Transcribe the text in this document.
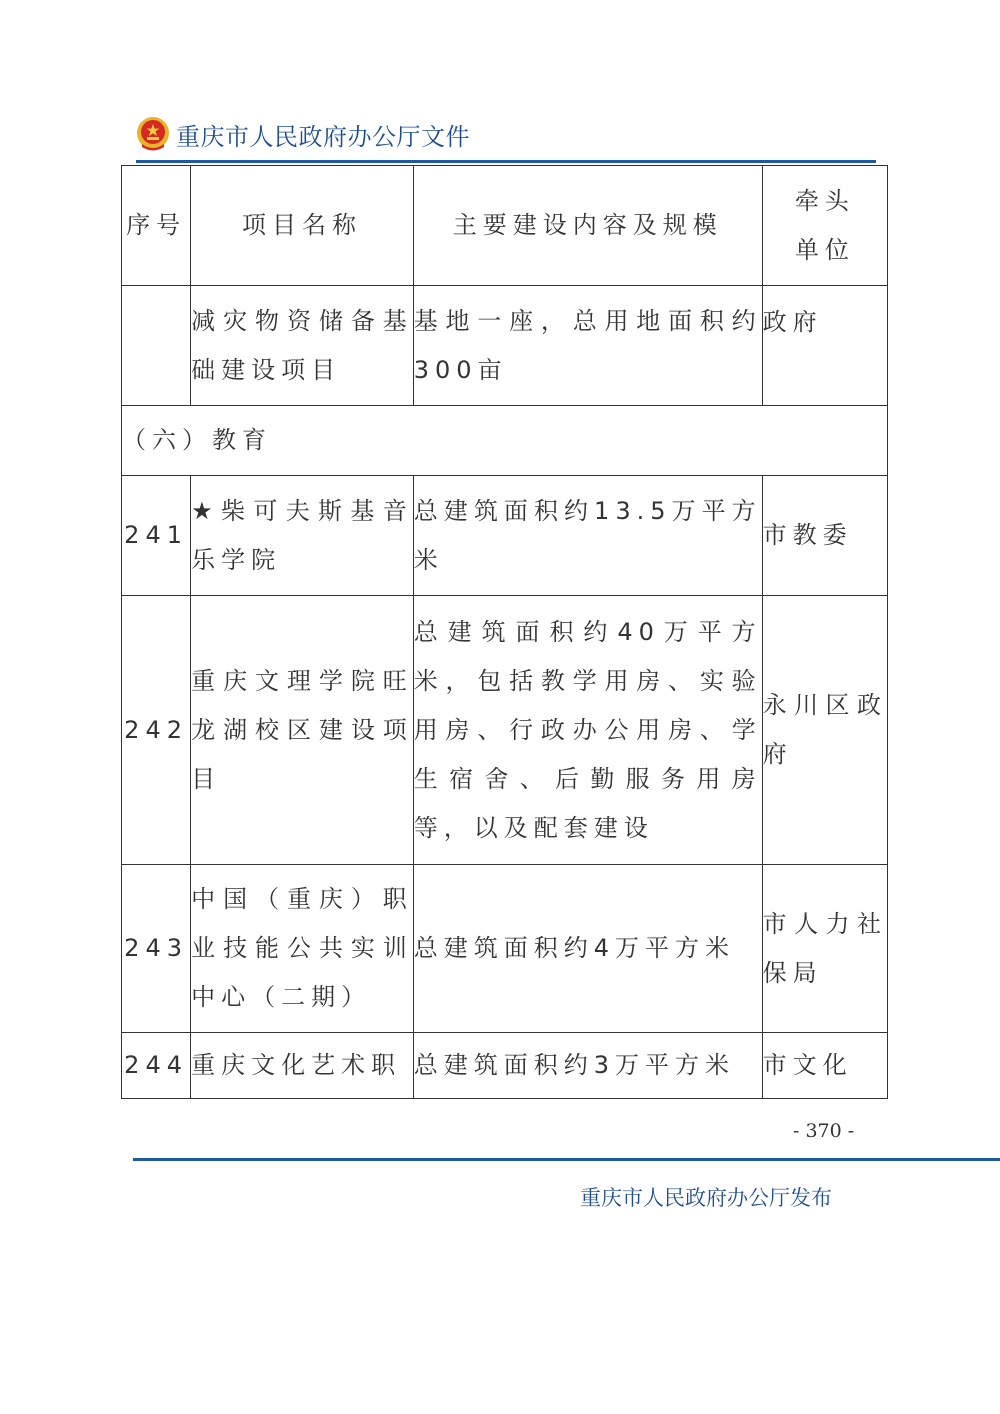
重庆市人民政府办公厅文件
序号	项目名称	主要建设内容及规模	牵头单位
	减灾物资储备基础建设项目	基地一座，总用地面积约300亩	政府
（六）教育			
241	★柴可夫斯基音乐学院	总建筑面积约13.5万平方米	市教委
242	重庆文理学院旺龙湖校区建设项目	总建筑面积约40万平方米，包括教学用房、实验用房、行政办公用房、学生宿舍、后勤服务用房等，以及配套建设	永川区政府
243	中国（重庆）职业技能公共实训中心（二期）	总建筑面积约4万平方米	市人力社保局
244	重庆文化艺术职	总建筑面积约3万平方米	市文化
- 370 -
重庆市人民政府办公厅发布
